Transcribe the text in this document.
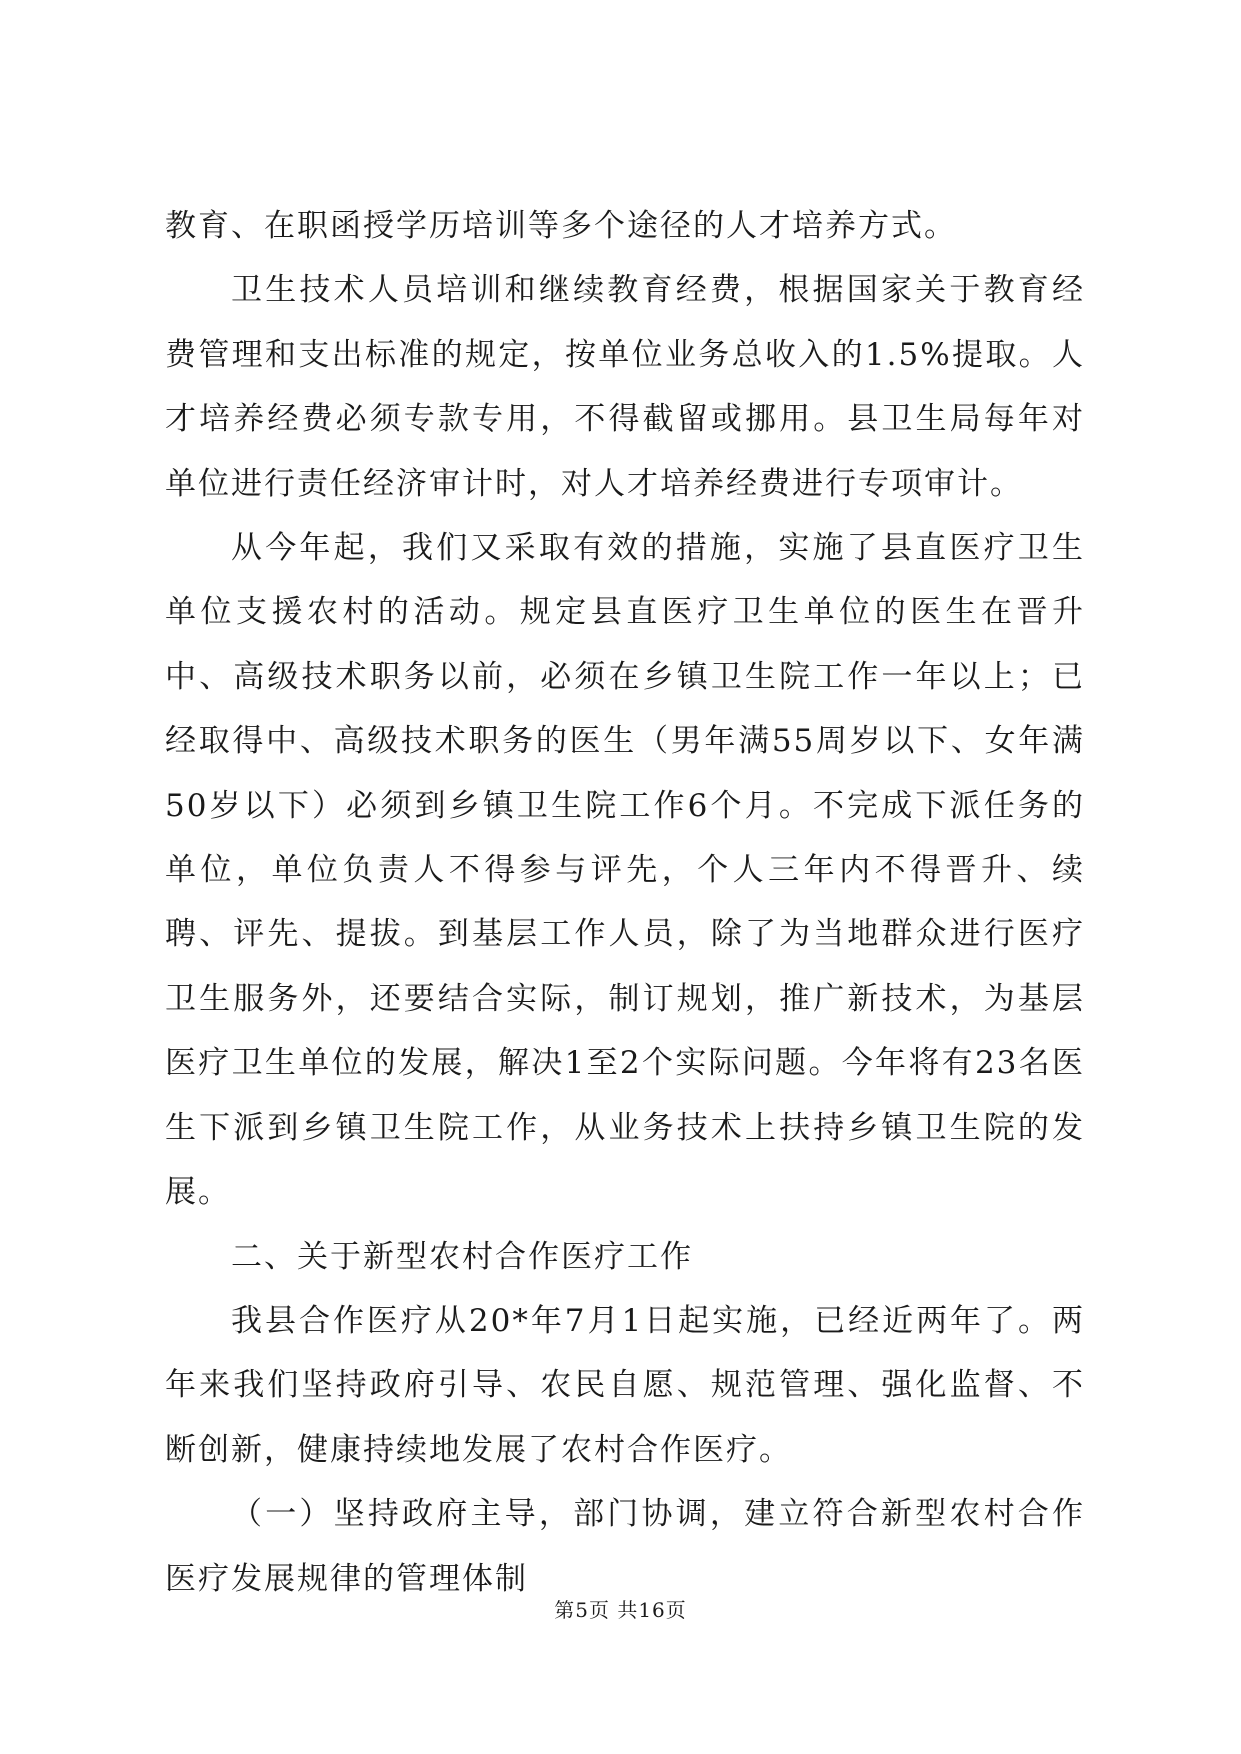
教育、在职函授学历培训等多个途径的人才培养方式。

卫生技术人员培训和继续教育经费，根据国家关于教育经费管理和支出标准的规定，按单位业务总收入的1.5%提取。人才培养经费必须专款专用，不得截留或挪用。县卫生局每年对单位进行责任经济审计时，对人才培养经费进行专项审计。

从今年起，我们又采取有效的措施，实施了县直医疗卫生单位支援农村的活动。规定县直医疗卫生单位的医生在晋升中、高级技术职务以前，必须在乡镇卫生院工作一年以上；已经取得中、高级技术职务的医生（男年满55周岁以下、女年满50岁以下）必须到乡镇卫生院工作6个月。不完成下派任务的单位，单位负责人不得参与评先，个人三年内不得晋升、续聘、评先、提拔。到基层工作人员，除了为当地群众进行医疗卫生服务外，还要结合实际，制订规划，推广新技术，为基层医疗卫生单位的发展，解决1至2个实际问题。今年将有23名医生下派到乡镇卫生院工作，从业务技术上扶持乡镇卫生院的发展。

二、关于新型农村合作医疗工作

我县合作医疗从20*年7月1日起实施，已经近两年了。两年来我们坚持政府引导、农民自愿、规范管理、强化监督、不断创新，健康持续地发展了农村合作医疗。

（一）坚持政府主导，部门协调，建立符合新型农村合作医疗发展规律的管理体制

第5页 共16页
